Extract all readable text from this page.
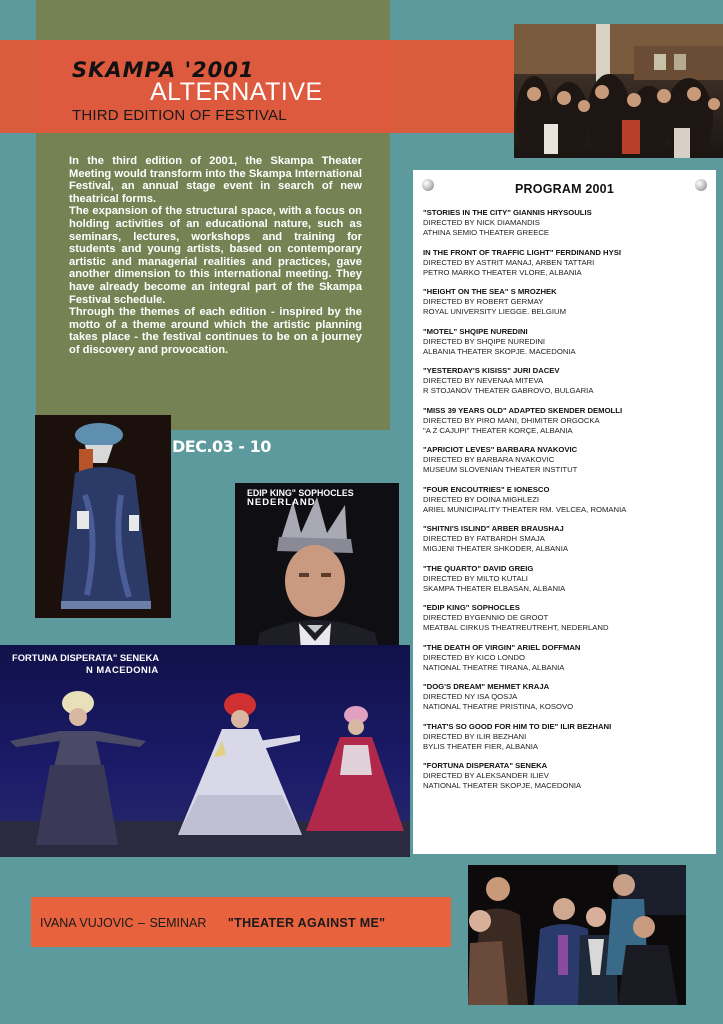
SKAMPA '2001
ALTERNATIVE
THIRD EDITION OF FESTIVAL

In the third edition of 2001, the Skampa Theater Meeting would transform into the Skampa International Festival, an annual stage event in search of new theatrical forms.

The expansion of the structural space, with a focus on holding activities of an educational nature, such as seminars, lectures, workshops and training for students and young artists, based on contemporary artistic and managerial realities and practices, gave another dimension to this international meeting. They have already become an integral part of the Skampa Festival schedule.

Through the themes of each edition - inspired by the motto of a theme around which the artistic planning takes place - the festival continues to be on a journey of discovery and provocation.

DEC.03 - 10
EDIP KING" SOPHOCLES
NEDERLAND
FORTUNA DISPERATA" SENEKA
N MACEDONIA
PROGRAM 2001
"STORIES IN THE CITY" GIANNIS HRYSOULIS
DIRECTED BY NICK DIAMANDIS
ATHINA SEMIO THEATER GREECE
IN THE FRONT OF TRAFFIC LIGHT" FERDINAND HYSI
DIRECTED BY ASTRIT MANAJ, ARBEN TATTARI
PETRO MARKO THEATER VLORE, ALBANIA
"HEIGHT ON THE SEA" S MROZHEK
DIRECTED BY ROBERT GERMAY
ROYAL UNIVERSITY LIEGGE. BELGIUM
"MOTEL" SHQIPE NUREDINI
DIRECTED BY SHQIPE NUREDINI
ALBANIA THEATER SKOPJE. MACEDONIA
"YESTERDAY'S KISISS" JURI DACEV
DIRECTED BY NEVENAA MITEVA
R STOJANOV THEATER GABROVO, BULGARIA
"MISS 39 YEARS OLD" ADAPTED SKENDER DEMOLLI
DIRECTED BY PIRO MANI, DHIMITER ORGOCKA
"A Z CAJUPI" THEATER KORÇE, ALBANIA
"APRICIOT LEVES" BARBARA NVAKOVIC
DIRECTED BY BARBARA NVAKOVIC
MUSEUM SLOVENIAN THEATER INSTITUT
"FOUR ENCOUTRIES" E IONESCO
DIRECTED BY DOINA MIGHLEZI
ARIEL MUNICIPALITY THEATER RM. VELCEA, ROMANIA
"SHITNI'S ISLIND" ARBER BRAUSHAJ
DIRECTED BY FATBARDH SMAJA
MIGJENI THEATER SHKODER, ALBANIA
"THE QUARTO" DAVID GREIG
DIRECTED BY MILTO KUTALI
SKAMPA THEATER ELBASAN, ALBANIA
"EDIP KING" SOPHOCLES
DIRECTED BYGENNIO DE GROOT
MEATBAL CIRKUS THEATREUTREHT, NEDERLAND
"THE DEATH OF VIRGIN" ARIEL DOFFMAN
DIRECTED BY KICO LONDO
NATIONAL THEATRE TIRANA, ALBANIA
"DOG'S DREAM" MEHMET KRAJA
DIRECTED NY ISA QOSJA
NATIONAL THEATRE PRISTINA, KOSOVO
"THAT'S SO GOOD FOR HIM TO DIE" ILIR BEZHANI
DIRECTED BY ILIR BEZHANI
BYLIS THEATER FIER, ALBANIA
"FORTUNA DISPERATA" SENEKA
DIRECTED BY ALEKSANDER ILIEV
NATIONAL THEATER SKOPJE, MACEDONIA
IVANA VUJOVIC – SEMINAR "THEATER AGAINST ME"
